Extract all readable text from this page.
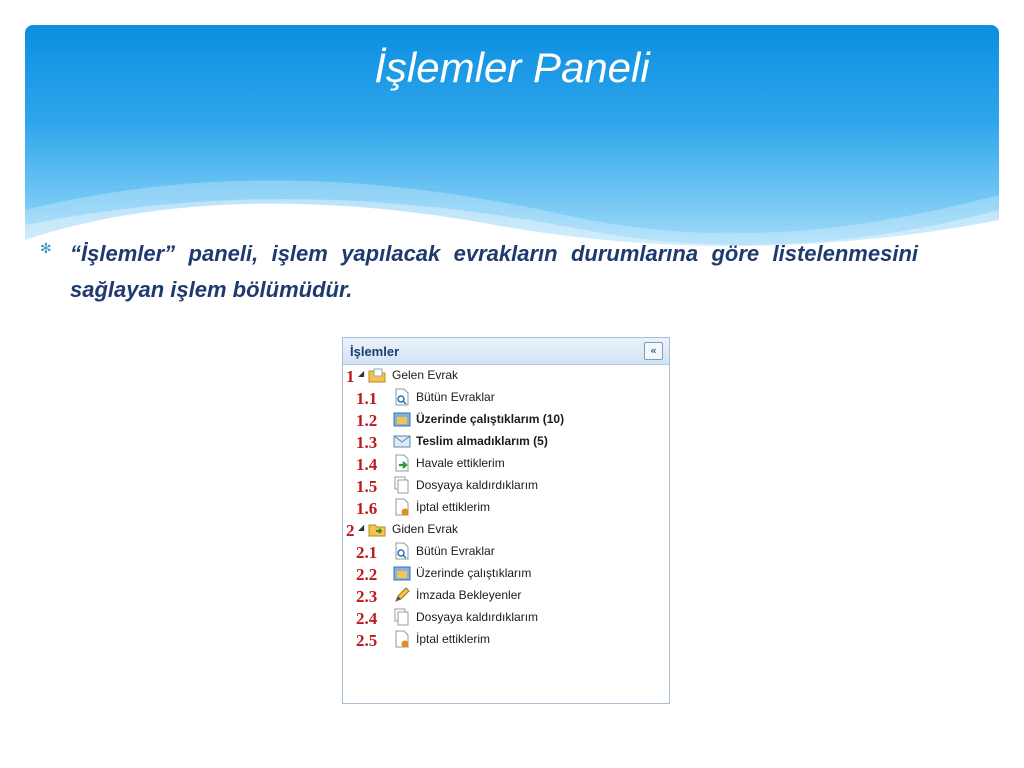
İşlemler Paneli
✻ “İşlemler” paneli, işlem yapılacak evrakların durumlarına göre listelenmesini sağlayan işlem bölümüdür.
İşlemler	«
1 ◢ Gelen Evrak
1.1	Bütün Evraklar
1.2	Üzerinde çalıştıklarım (10)
1.3	Teslim almadıklarım (5)
1.4	Havale ettiklerim
1.5	Dosyaya kaldırdıklarım
1.6	İptal ettiklerim
2 ◢ Giden Evrak
2.1	Bütün Evraklar
2.2	Üzerinde çalıştıklarım
2.3	İmzada Bekleyenler
2.4	Dosyaya kaldırdıklarım
2.5	İptal ettiklerim
